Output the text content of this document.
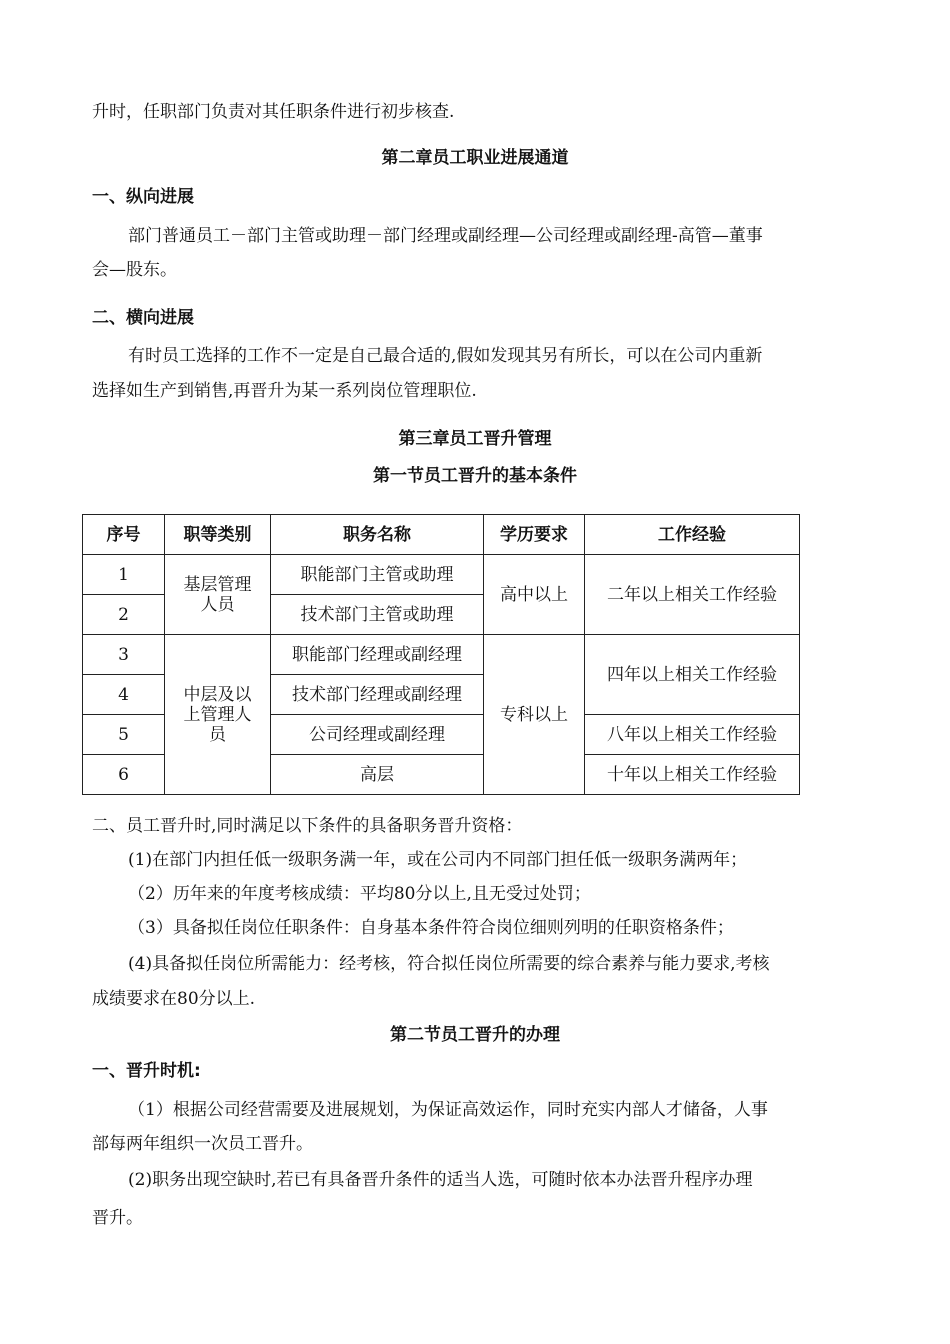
升时，任职部门负责对其任职条件进行初步核查.
第二章员工职业进展通道
一、纵向进展
部门普通员工－部门主管或助理－部门经理或副经理—公司经理或副经理-高管—董事
会—股东。
二、横向进展
有时员工选择的工作不一定是自己最合适的,假如发现其另有所长，可以在公司内重新
选择如生产到销售,再晋升为某一系列岗位管理职位.
第三章员工晋升管理
第一节员工晋升的基本条件
序号	职等类别	职务名称	学历要求	工作经验
1	基层管理
人员	职能部门主管或助理	高中以上	二年以上相关工作经验
2		技术部门主管或助理		
3	中层及以
上管理人
员	职能部门经理或副经理	专科以上	四年以上相关工作经验
4		技术部门经理或副经理		
5		公司经理或副经理		八年以上相关工作经验
6		高层		十年以上相关工作经验
二、员工晋升时,同时满足以下条件的具备职务晋升资格：
(1)在部门内担任低一级职务满一年，或在公司内不同部门担任低一级职务满两年；
（2）历年来的年度考核成绩：平均80分以上,且无受过处罚；
（3）具备拟任岗位任职条件：自身基本条件符合岗位细则列明的任职资格条件；
(4)具备拟任岗位所需能力：经考核，符合拟任岗位所需要的综合素养与能力要求,考核
成绩要求在80分以上.
第二节员工晋升的办理
一、晋升时机:
（1）根据公司经营需要及进展规划，为保证高效运作，同时充实内部人才储备，人事
部每两年组织一次员工晋升。
(2)职务出现空缺时,若已有具备晋升条件的适当人选，可随时依本办法晋升程序办理
晋升。
